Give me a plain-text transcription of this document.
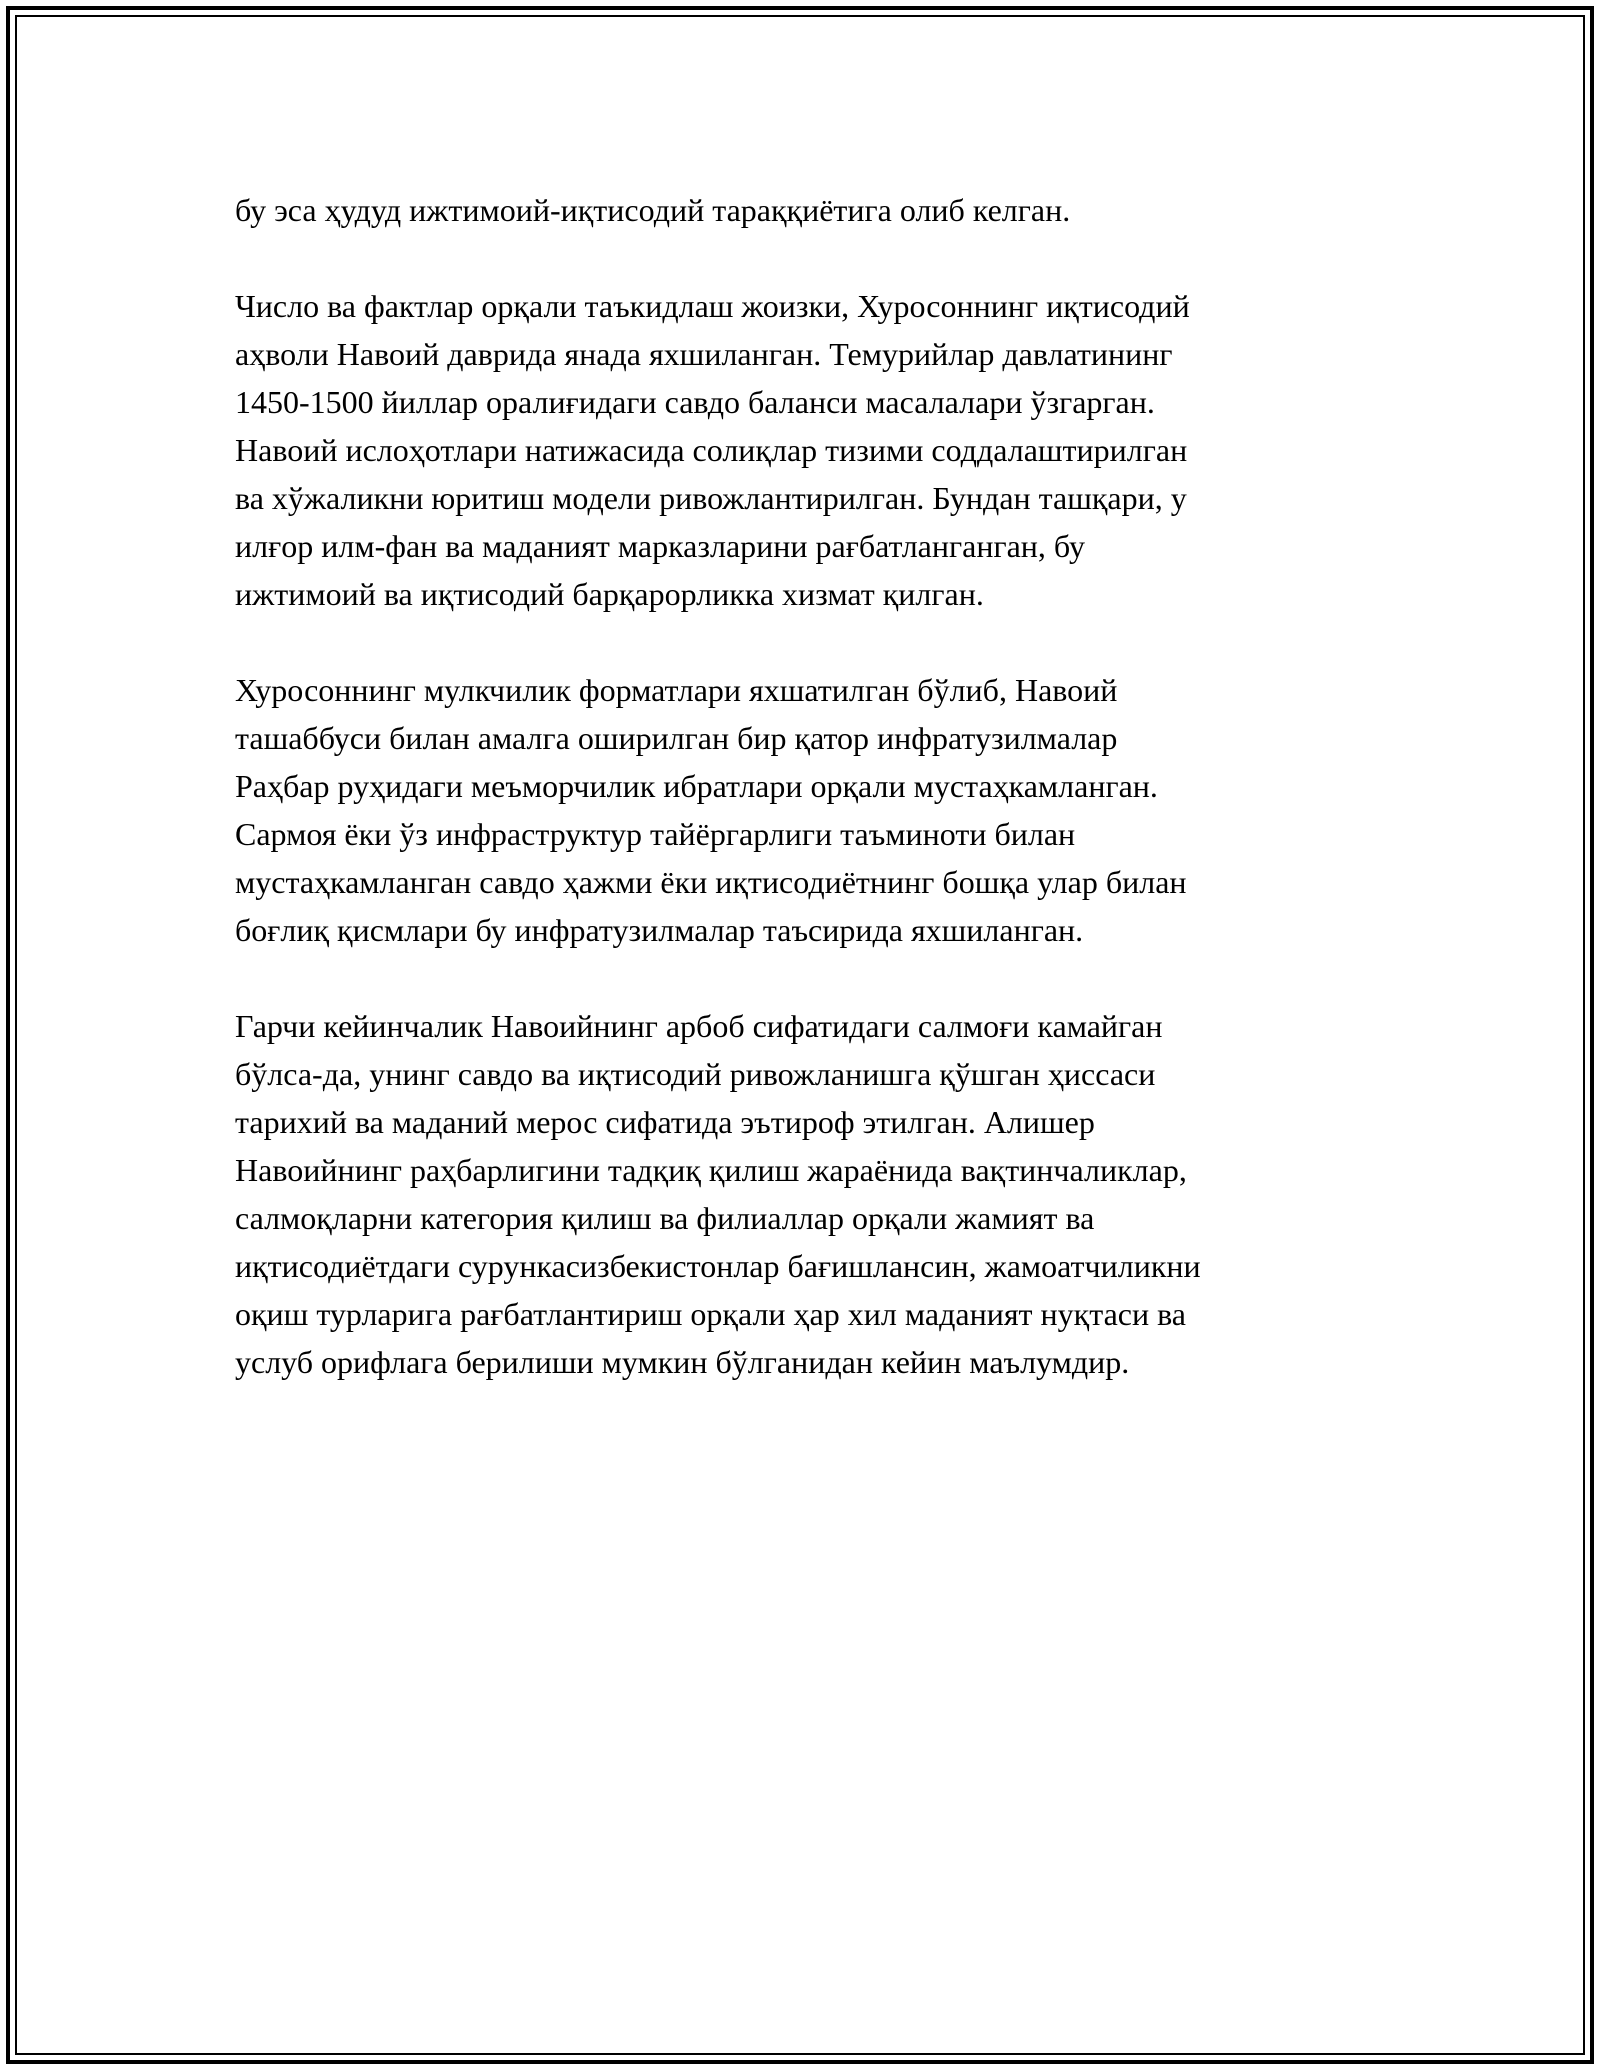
бу эса ҳудуд ижтимоий-иқтисодий тараққиётига олиб келган.

Число ва фактлар орқали таъкидлаш жоизки, Хуросоннинг иқтисодий
аҳволи Навоий даврида янада яхшиланган. Темурийлар давлатининг
1450-1500 йиллар оралиғидаги савдо баланси масалалари ўзгарган.
Навоий ислоҳотлари натижасида солиқлар тизими соддалаштирилган
ва хўжаликни юритиш модели ривожлантирилган. Бундан ташқари, у
илғор илм-фан ва маданият марказларини рағбатланганган, бу
ижтимоий ва иқтисодий барқарорликка хизмат қилган.

Хуросоннинг мулкчилик форматлари яхшатилган бўлиб, Навоий
ташаббуси билан амалга оширилган бир қатор инфратузилмалар
Раҳбар руҳидаги меъморчилик ибратлари орқали мустаҳкамланган.
Сармоя ёки ўз инфраструктур тайёргарлиги таъминоти билан
мустаҳкамланган савдо ҳажми ёки иқтисодиётнинг бошқа улар билан
боғлиқ қисмлари бу инфратузилмалар таъсирида яхшиланган.

Гарчи кейинчалик Навоийнинг арбоб сифатидаги салмоғи камайган
бўлса-да, унинг савдо ва иқтисодий ривожланишга қўшган ҳиссаси
тарихий ва маданий мерос сифатида эътироф этилган. Алишер
Навоийнинг раҳбарлигини тадқиқ қилиш жараёнида вақтинчаликлар,
салмоқларни категория қилиш ва филиаллар орқали жамият ва
иқтисодиётдаги сурункасизбекистонлар бағишлансин, жамоатчиликни
оқиш турларига рағбатлантириш орқали ҳар хил маданият нуқтаси ва
услуб орифлага берилиши мумкин бўлганидан кейин маълумдир.
